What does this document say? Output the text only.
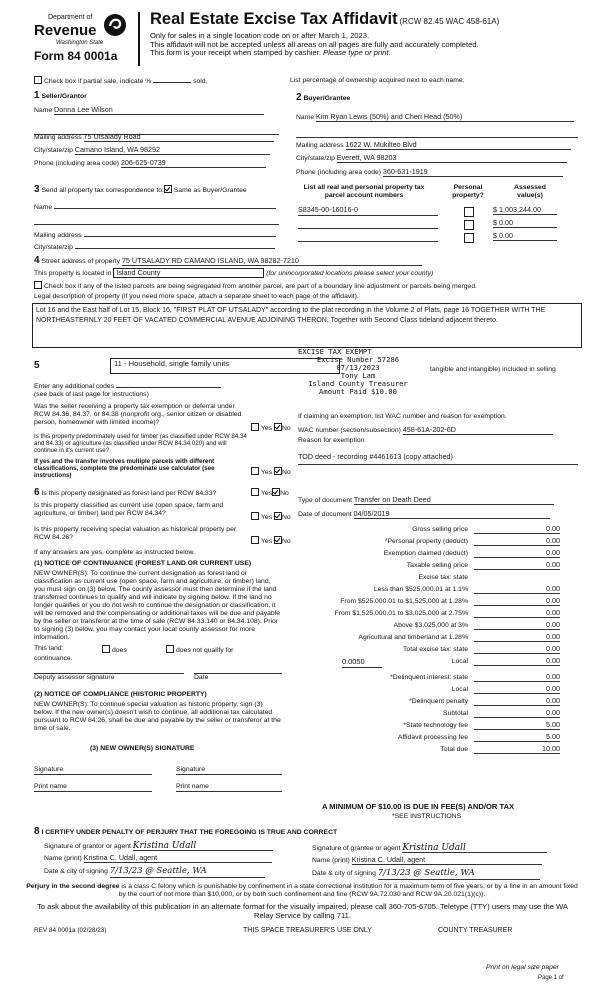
Department of
Revenue
Washington State
Form 84 0001a
Real Estate Excise Tax Affidavit (RCW 82.45 WAC 458-61A)
Only for sales in a single location code on or after March 1, 2023.
This affidavit will not be accepted unless all areas on all pages are fully and accurately completed.
This form is your receipt when stamped by cashier. Please type or print.
Check box if partial sale, indicate %	sold.	List percentage of ownership acquired next to each name.
1 Seller/Grantor
Name Donna Lee Wilson
Mailing address 75 Utsalady Road
City/state/zip Camano Island, WA 98292
Phone (including area code) 206-625-0739
2 Buyer/Grantee
Name Kim Ryan Lewis (50%) and Cheri Head (50%)
Mailing address 1622 W. Mukilteo Blvd
City/state/zip Everett, WA 98203
Phone (including area code) 360-631-1919
3 Send all property tax correspondence to: Same as Buyer/Grantee
Name
Mailing address
City/state/zip
List all real and personal property tax parcel account numbers
Personal property?
Assessed value(s)
S8345-00-16016-0	$ 1,003,244.00
$ 0.00
$ 0.00
4 Street address of property 75 UTSALADY RD CAMANO ISLAND, WA 98282-7210
This property is located in Island County	(for unincorporated locations please select your county)
Check box if any of the listed parcels are being segregated from another parcel, are part of a boundary line adjustment or parcels being merged.
Legal description of property (if you need more space, attach a separate sheet to each page of the affidavit).
Lot 16 and the East half of Lot 15, Block 16, "FIRST PLAT OF UTSALADY" according to the plat recording in the Volume 2 of Plats, page 16 TOGETHER WITH THE NORTHEASTERNLY 20 FEET OF VACATED COMMERCIAL AVENUE ADJOINING THERON, Together with Second Class tideland adjacent thereto.
EXCISE TAX EXEMPT
Excise Number 57286
07/13/2023
Tony Lam
Island County Treasurer
Amount Paid $10.00
5	11 - Household, single family units
tangible and intangible) included in selling
Enter any additional codes
(see back of last page for instructions)
Was the seller receiving a property tax exemption or deferral under RCW 84.36, 84.37, or 84.38 (nonprofit org., senior citizen or disabled person, homeowner with limited income)?
Yes No
Is this property predominately used for timber (as classified under RCW 84.34 and 84.33) or agriculture (as classified under RCW 84.34.020) and will continue in it's current use?
If yes and the transfer involves multiple parcels with different classifications, complete the predominate use calculator (see instructions)	Yes No
If claiming an exemption, list WAC number and reason for exemption.
WAC number (section/subsection) 458-61A-202-6D
Reason for exemption
TOD deed - recording #4461613 (copy attached)
6 Is this property designated as forest land per RCW 84.33?	Yes No
Is this property classified as current use (open space, farm and agriculture, or timber) land per RCW 84.34?
Yes No
Is this property receiving special valuation as historical property per RCW 84.26?
Yes No
If any answers are yes, complete as instructed below.
(1) NOTICE OF CONTINUANCE (FOREST LAND OR CURRENT USE)
NEW OWNER(S): To continue the current designation as forest land or classification as current use (open space, farm and agriculture, or timber) land, you must sign on (3) below. The county assessor must then determine if the land transferred continues to qualify and will indicate by signing below. If the land no longer qualifies or you do not wish to continue the designation or classification, it will be removed and the compensating or additional taxes will be due and payable by the seller or transferor at the time of sale (RCW 84.33.140 or 84.34.108). Prior to signing (3) below, you may contact your local county assessor for more information.
This land:	does	does not qualify for
continuance.
Deputy assessor signature	Date
(2) NOTICE OF COMPLIANCE (HISTORIC PROPERTY)
NEW OWNER(S): To continue special valuation as historic property, sign (3) below. If the new owner(s) doesn't wish to continue, all additional tax calculated pursuant to RCW 84.26, shall be due and payable by the seller or transferor at the time of sale.
(3) NEW OWNER(S) SIGNATURE
Signature	Signature
Print name	Print name
Type of document Transfer on Death Deed
Date of document 04/05/2019
Gross selling price	0.00
*Personal property (deduct)	0.00
Exemption claimed (deduct)	0.00
Taxable selling price	0.00
Excise tax: state
Less than $525,000.01 at 1.1%	0.00
From $525,000.01 to $1,525,000 at 1.28%	0.00
From $1,525,000.01 to $3,025,000 at 2.75%	0.00
Above $3,025,000 at 3%	0.00
Agricultural and timberland at 1.28%	0.00
Total excise tax: state	0.00
0.0050	Local	0.00
*Delinquent interest: state	0.00
Local	0.00
*Delinquent penalty	0.00
Subtotal	0.00
*State technology fee	5.00
Affidavit processing fee	5.00
Total due	10.00
A MINIMUM OF $10.00 IS DUE IN FEE(S) AND/OR TAX
*SEE INSTRUCTIONS
8 I CERTIFY UNDER PENALTY OF PERJURY THAT THE FOREGOING IS TRUE AND CORRECT
Signature of grantor or agent Kristina Udall
Name (print) Kristina C. Udall, agent
Date & city of signing 7/13/23 @ Seattle, WA
Signature of grantee or agent Kristina Udall
Name (print) Kristina C. Udall, agent
Date & city of signing 7/13/23 @ Seattle, WA
Perjury in the second degree is a class C felony which is punishable by confinement in a state correctional institution for a maximum term of five years, or by a fine in an amount fixed by the court of not more than $10,000, or by both such confinement and fine (RCW 9A.72.030 and RCW 9A.20.021(1)(c)).
To ask about the availability of this publication in an alternate format for the visually impaired, please call 360-705-6705. Teletype (TTY) users may use the WA Relay Service by calling 711.
REV 84 0001a (02/28/23)	THIS SPACE TREASURER'S USE ONLY	COUNTY TREASURER
Print on legal size paper
Page 1 of
